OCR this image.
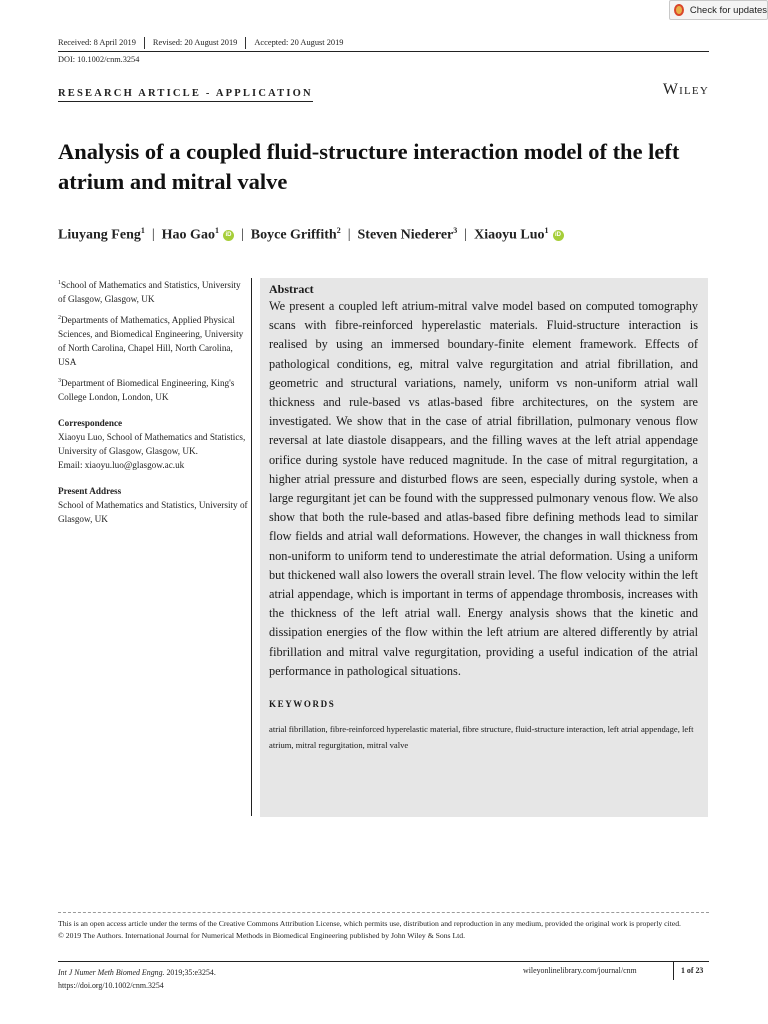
Check for updates
Received: 8 April 2019	Revised: 20 August 2019	Accepted: 20 August 2019
DOI: 10.1002/cnm.3254
RESEARCH ARTICLE - APPLICATION	Wiley
Analysis of a coupled fluid-structure interaction model of the left atrium and mitral valve
Liuyang Feng$^1$ | Hao Gao$^1$ iD | Boyce Griffith$^2$ | Steven Niederer$^3$ | Xiaoyu Luo$^1$ iD
$^1$School of Mathematics and Statistics, University of Glasgow, Glasgow, UK
$^2$Departments of Mathematics, Applied Physical Sciences, and Biomedical Engineering, University of North Carolina, Chapel Hill, North Carolina, USA
$^3$Department of Biomedical Engineering, King's College London, London, UK
Correspondence
Xiaoyu Luo, School of Mathematics and Statistics, University of Glasgow, Glasgow, UK.
Email: xiaoyu.luo@glasgow.ac.uk
Present Address
School of Mathematics and Statistics, University of Glasgow, UK
Abstract
We present a coupled left atrium-mitral valve model based on computed tomography scans with fibre-reinforced hyperelastic materials. Fluid-structure interaction is realised by using an immersed boundary-finite element framework. Effects of pathological conditions, eg, mitral valve regurgitation and atrial fibrillation, and geometric and structural variations, namely, uniform vs non-uniform atrial wall thickness and rule-based vs atlas-based fibre architectures, on the system are investigated. We show that in the case of atrial fibrillation, pulmonary venous flow reversal at late diastole disappears, and the filling waves at the left atrial appendage orifice during systole have reduced magnitude. In the case of mitral regurgitation, a higher atrial pressure and disturbed flows are seen, especially during systole, when a large regurgitant jet can be found with the suppressed pulmonary venous flow. We also show that both the rule-based and atlas-based fibre defining methods lead to similar flow fields and atrial wall deformations. However, the changes in wall thickness from non-uniform to uniform tend to underestimate the atrial deformation. Using a uniform but thickened wall also lowers the overall strain level. The flow velocity within the left atrial appendage, which is important in terms of appendage thrombosis, increases with the thickness of the left atrial wall. Energy analysis shows that the kinetic and dissipation energies of the flow within the left atrium are altered differently by atrial fibrillation and mitral valve regurgitation, providing a useful indication of the atrial performance in pathological situations.
KEYWORDS
atrial fibrillation, fibre-reinforced hyperelastic material, fibre structure, fluid-structure interaction, left atrial appendage, left atrium, mitral regurgitation, mitral valve
This is an open access article under the terms of the Creative Commons Attribution License, which permits use, distribution and reproduction in any medium, provided the original work is properly cited.
© 2019 The Authors. International Journal for Numerical Methods in Biomedical Engineering published by John Wiley & Sons Ltd.
Int J Numer Meth Biomed Engng. 2019;35:e3254.
https://doi.org/10.1002/cnm.3254
wileyonlinelibrary.com/journal/cnm	1 of 23
